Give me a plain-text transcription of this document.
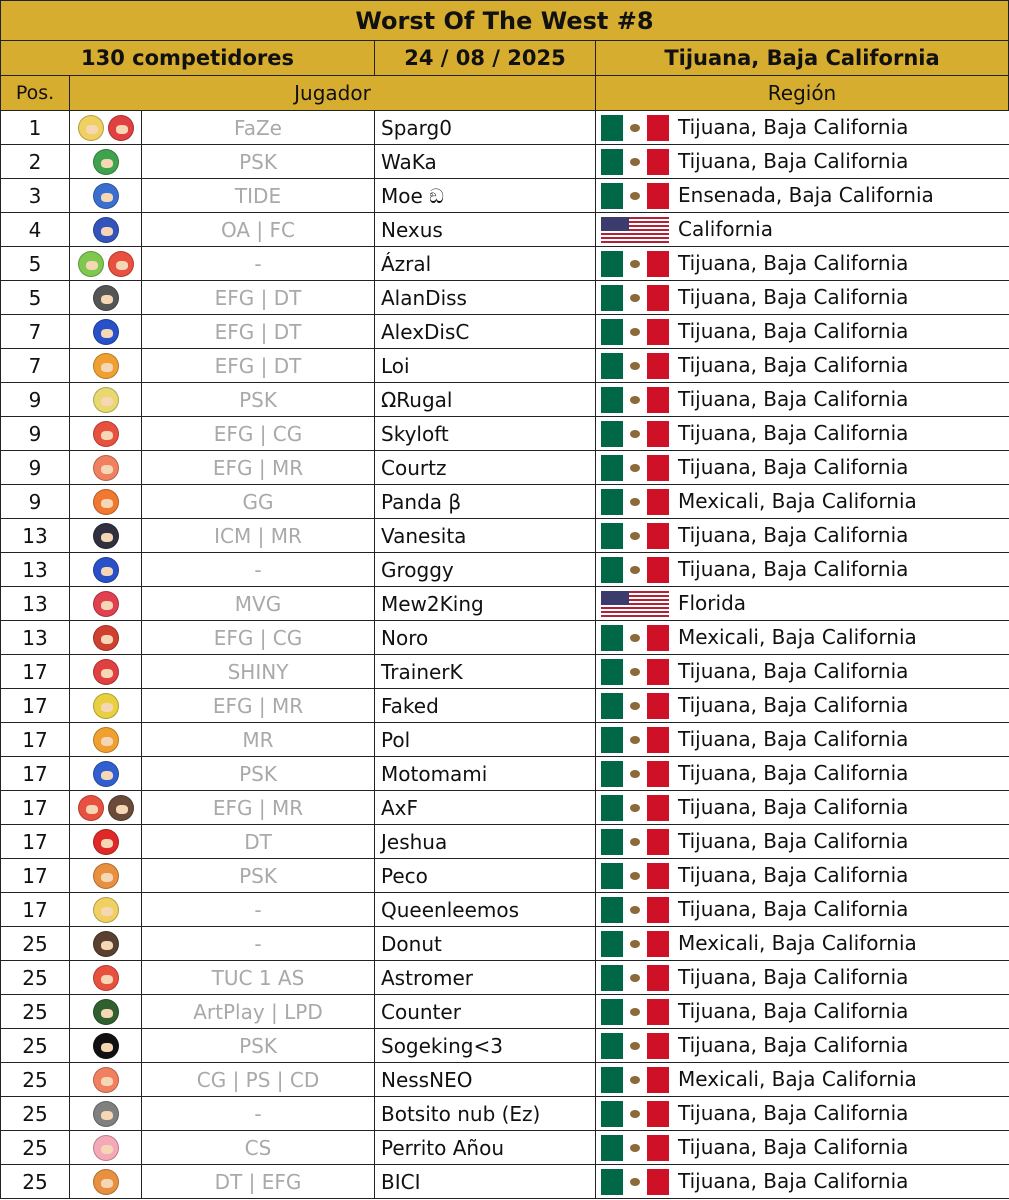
Worst Of The West #8
130 competidores	24 / 08 / 2025	Tijuana, Baja California
Pos.	Jugador	Región
1		FaZe	Sparg0	Tijuana, Baja California

2		PSK	WaKa	Tijuana, Baja California

3		TIDE	Moe ඞ	Ensenada, Baja California

4		OA | FC	Nexus	California

5		-	Ázral	Tijuana, Baja California

5		EFG | DT	AlanDiss	Tijuana, Baja California

7		EFG | DT	AlexDisC	Tijuana, Baja California

7		EFG | DT	Loi	Tijuana, Baja California

9		PSK	ΩRugal	Tijuana, Baja California

9		EFG | CG	Skyloft	Tijuana, Baja California

9		EFG | MR	Courtz	Tijuana, Baja California

9		GG	Panda β	Mexicali, Baja California

13		ICM | MR	Vanesita	Tijuana, Baja California

13		-	Groggy	Tijuana, Baja California

13		MVG	Mew2King	Florida

13		EFG | CG	Noro	Mexicali, Baja California

17		SHINY	TrainerK	Tijuana, Baja California

17		EFG | MR	Faked	Tijuana, Baja California

17		MR	Pol	Tijuana, Baja California

17		PSK	Motomami	Tijuana, Baja California

17		EFG | MR	AxF	Tijuana, Baja California

17		DT	Jeshua	Tijuana, Baja California

17		PSK	Peco	Tijuana, Baja California

17		-	Queenleemos	Tijuana, Baja California

25		-	Donut	Mexicali, Baja California

25		TUC 1 AS	Astromer	Tijuana, Baja California

25		ArtPlay | LPD	Counter	Tijuana, Baja California

25		PSK	Sogeking<3	Tijuana, Baja California

25		CG | PS | CD	NessNEO	Mexicali, Baja California

25		-	Botsito nub (Ez)	Tijuana, Baja California

25		CS	Perrito Añou	Tijuana, Baja California

25		DT | EFG	BICI	Tijuana, Baja California
